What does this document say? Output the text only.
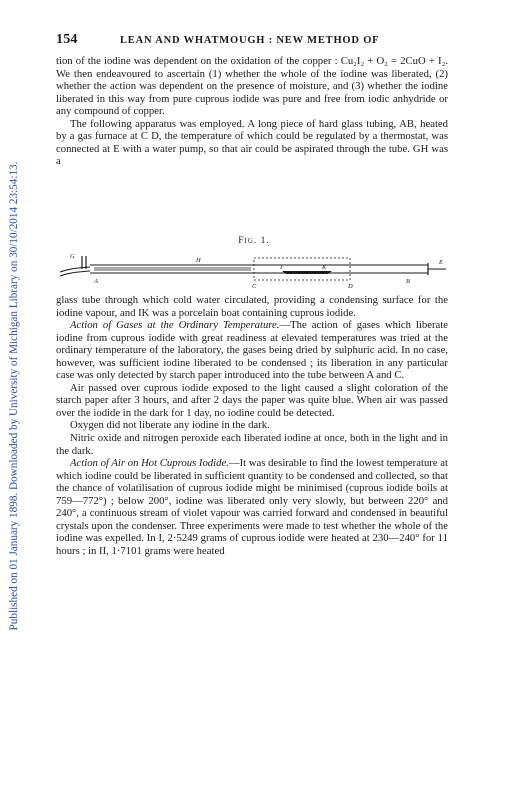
Published on 01 January 1898. Downloaded by University of Michigan Library on 30/10/2014 23:54:13.
154	LEAN AND WHATMOUGH : NEW METHOD OF

tion of the iodine was dependent on the oxidation of the copper : Cu₂I₂ + O₂ = 2CuO + I₂. We then endeavoured to ascertain (1) whether the whole of the iodine was liberated, (2) whether the action was dependent on the presence of moisture, and (3) whether the iodine liberated in this way from pure cuprous iodide was pure and free from iodic anhydride or any compound of copper.

The following apparatus was employed. A long piece of hard glass tubing, AB, heated by a gas furnace at C D, the temperature of which could be regulated by a thermostat, was connected at E with a water pump, so that air could be aspirated through the tube. GH was a

Fig. 1.
G
H
A
C
I	K
D
B
E

glass tube through which cold water circulated, providing a condensing surface for the iodine vapour, and IK was a porcelain boat containing cuprous iodide.

Action of Gases at the Ordinary Temperature.—The action of gases which liberate iodine from cuprous iodide with great readiness at elevated temperatures was tried at the ordinary temperature of the laboratory, the gases being dried by sulphuric acid. In no case, however, was sufficient iodine liberated to be condensed ; its liberation in any particular case was only detected by starch paper introduced into the tube between A and C.

Air passed over cuprous iodide exposed to the light caused a slight coloration of the starch paper after 3 hours, and after 2 days the paper was quite blue. When air was passed over the iodide in the dark for 1 day, no iodine could be detected.

Oxygen did not liberate any iodine in the dark.

Nitric oxide and nitrogen peroxide each liberated iodine at once, both in the light and in the dark.

Action of Air on Hot Cuprous Iodide.—It was desirable to find the lowest temperature at which iodine could be liberated in sufficient quantity to be condensed and collected, so that the chance of volatilisation of cuprous iodide might be minimised (cuprous iodide boils at 759—772°) ; below 200°, iodine was liberated only very slowly, but between 220° and 240°, a continuous stream of violet vapour was carried forward and condensed in beautiful crystals upon the condenser. Three experiments were made to test whether the whole of the iodine was expelled. In I, 2·5249 grams of cuprous iodide were heated at 230—240° for 11 hours ; in II, 1·7101 grams were heated
